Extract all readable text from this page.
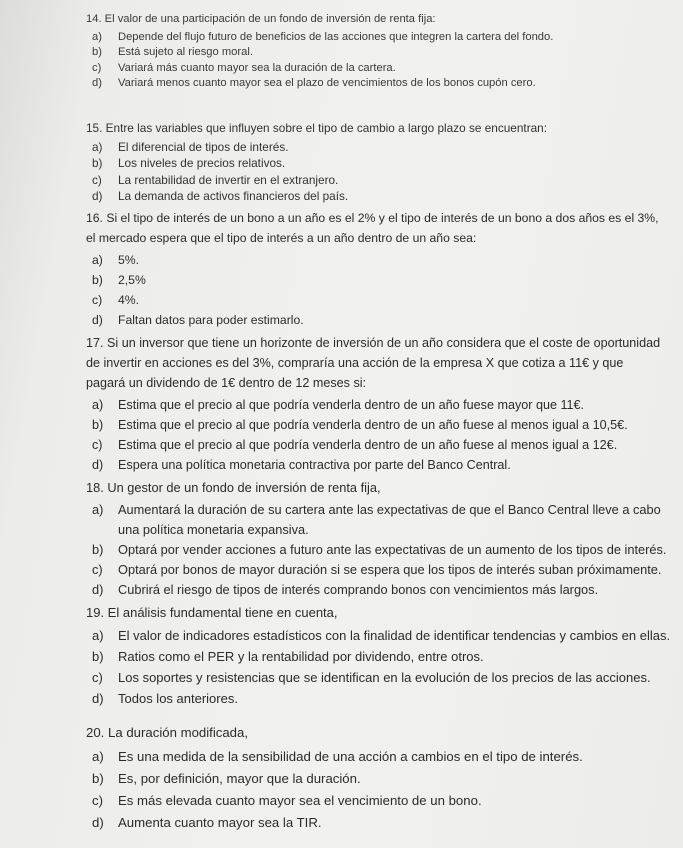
14. El valor de una participación de un fondo de inversión de renta fija:

a) Depende del flujo futuro de beneficios de las acciones que integren la cartera del fondo.
b) Está sujeto al riesgo moral.
c) Variará más cuanto mayor sea la duración de la cartera.
d) Variará menos cuanto mayor sea el plazo de vencimientos de los bonos cupón cero.

15. Entre las variables que influyen sobre el tipo de cambio a largo plazo se encuentran:

a) El diferencial de tipos de interés.
b) Los niveles de precios relativos.
c) La rentabilidad de invertir en el extranjero.
d) La demanda de activos financieros del país.

16. Si el tipo de interés de un bono a un año es el 2% y el tipo de interés de un bono a dos años es el 3%, el mercado espera que el tipo de interés a un año dentro de un año sea:

a) 5%.
b) 2,5%
c) 4%.
d) Faltan datos para poder estimarlo.

17. Si un inversor que tiene un horizonte de inversión de un año considera que el coste de oportunidad de invertir en acciones es del 3%, compraría una acción de la empresa X que cotiza a 11€ y que pagará un dividendo de 1€ dentro de 12 meses si:

a) Estima que el precio al que podría venderla dentro de un año fuese mayor que 11€.
b) Estima que el precio al que podría venderla dentro de un año fuese al menos igual a 10,5€.
c) Estima que el precio al que podría venderla dentro de un año fuese al menos igual a 12€.
d) Espera una política monetaria contractiva por parte del Banco Central.

18. Un gestor de un fondo de inversión de renta fija,

a) Aumentará la duración de su cartera ante las expectativas de que el Banco Central lleve a cabo una política monetaria expansiva.
b) Optará por vender acciones a futuro ante las expectativas de un aumento de los tipos de interés.
c) Optará por bonos de mayor duración si se espera que los tipos de interés suban próximamente.
d) Cubrirá el riesgo de tipos de interés comprando bonos con vencimientos más largos.

19. El análisis fundamental tiene en cuenta,

a) El valor de indicadores estadísticos con la finalidad de identificar tendencias y cambios en ellas.
b) Ratios como el PER y la rentabilidad por dividendo, entre otros.
c) Los soportes y resistencias que se identifican en la evolución de los precios de las acciones.
d) Todos los anteriores.

20. La duración modificada,

a) Es una medida de la sensibilidad de una acción a cambios en el tipo de interés.
b) Es, por definición, mayor que la duración.
c) Es más elevada cuanto mayor sea el vencimiento de un bono.
d) Aumenta cuanto mayor sea la TIR.
